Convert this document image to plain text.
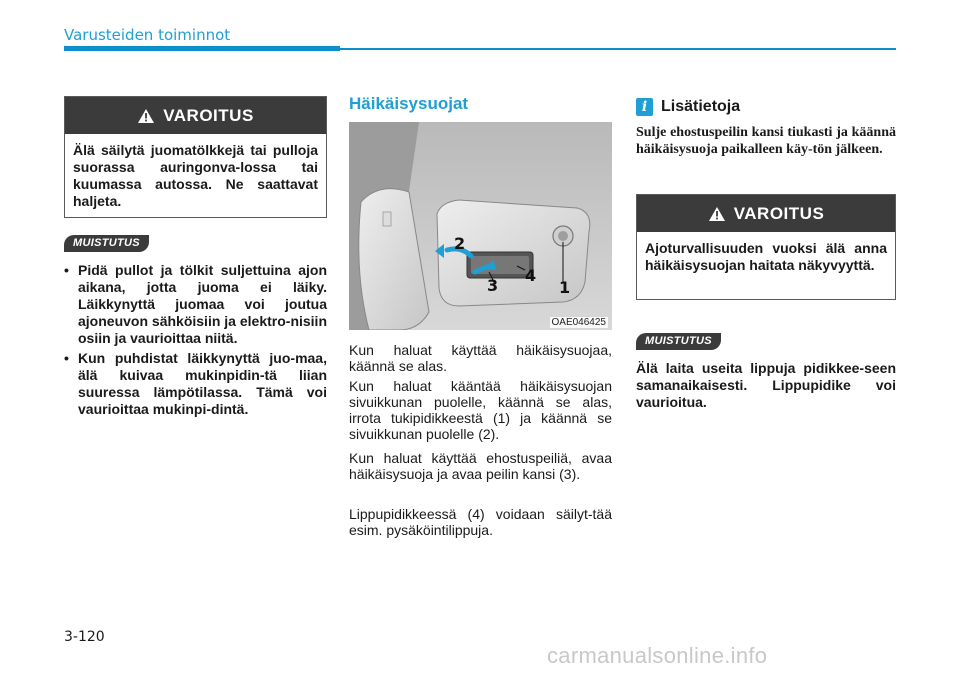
Varusteiden toiminnot
VAROITUS
Älä säilytä juomatölkkejä tai pulloja suorassa auringonva-lossa tai kuumassa autossa. Ne saattavat haljeta.
MUISTUTUS
• Pidä pullot ja tölkit suljettuina ajon aikana, jotta juoma ei läiky. Läikkynyttä juomaa voi joutua ajoneuvon sähköisiin ja elektro-nisiin osiin ja vaurioittaa niitä.
• Kun puhdistat läikkynyttä juo-maa, älä kuivaa mukinpidin-tä liian suuressa lämpötilassa. Tämä voi vaurioittaa mukinpi-dintä.
Häikäisysuojat
1
2
3
4
OAE046425

Kun haluat käyttää häikäisysuojaa, käännä se alas.

Kun haluat kääntää häikäisysuojan sivuikkunan puolelle, käännä se alas, irrota tukipidikkeestä (1) ja käännä se sivuikkunan puolelle (2).

Kun haluat käyttää ehostuspeiliä, avaa häikäisysuoja ja avaa peilin kansi (3).

Lippupidikkeessä (4) voidaan säilyt-tää esim. pysäköintilippuja.

i Lisätietoja
Sulje ehostuspeilin kansi tiukasti ja käännä häikäisysuoja paikalleen käy-tön jälkeen.
VAROITUS
Ajoturvallisuuden vuoksi älä anna häikäisysuojan haitata näkyvyyttä.
MUISTUTUS
Älä laita useita lippuja pidikkee-seen samanaikaisesti. Lippupidike voi vaurioitua.
3-120
carmanualsonline.info
